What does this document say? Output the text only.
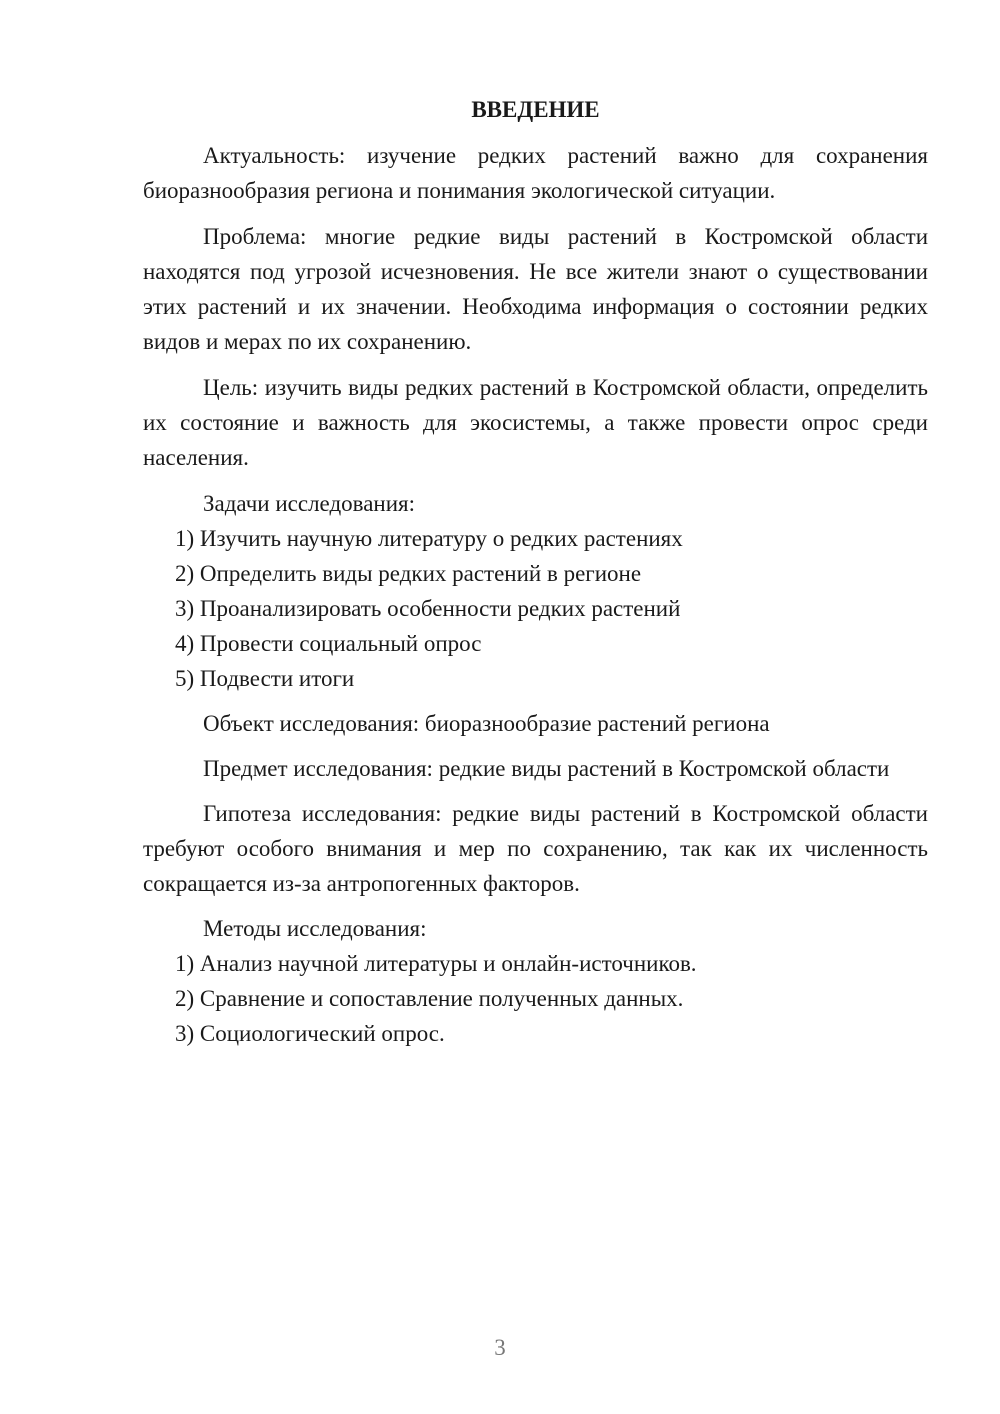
ВВЕДЕНИЕ

Актуальность: изучение редких растений важно для сохранения биоразнообразия региона и понимания экологической ситуации.

Проблема: многие редкие виды растений в Костромской области находятся под угрозой исчезновения. Не все жители знают о существовании этих растений и их значении. Необходима информация о состоянии редких видов и мерах по их сохранению.

Цель: изучить виды редких растений в Костромской области, определить их состояние и важность для экосистемы, а также провести опрос среди населения.

Задачи исследования:

1) Изучить научную литературу о редких растениях

2) Определить виды редких растений в регионе

3) Проанализировать особенности редких растений

4) Провести социальный опрос

5) Подвести итоги

Объект исследования: биоразнообразие растений региона

Предмет исследования: редкие виды растений в Костромской области

Гипотеза исследования: редкие виды растений в Костромской области требуют особого внимания и мер по сохранению, так как их численность сокращается из-за антропогенных факторов.

Методы исследования:

1) Анализ научной литературы и онлайн-источников.

2) Сравнение и сопоставление полученных данных.

3) Социологический опрос.

3
